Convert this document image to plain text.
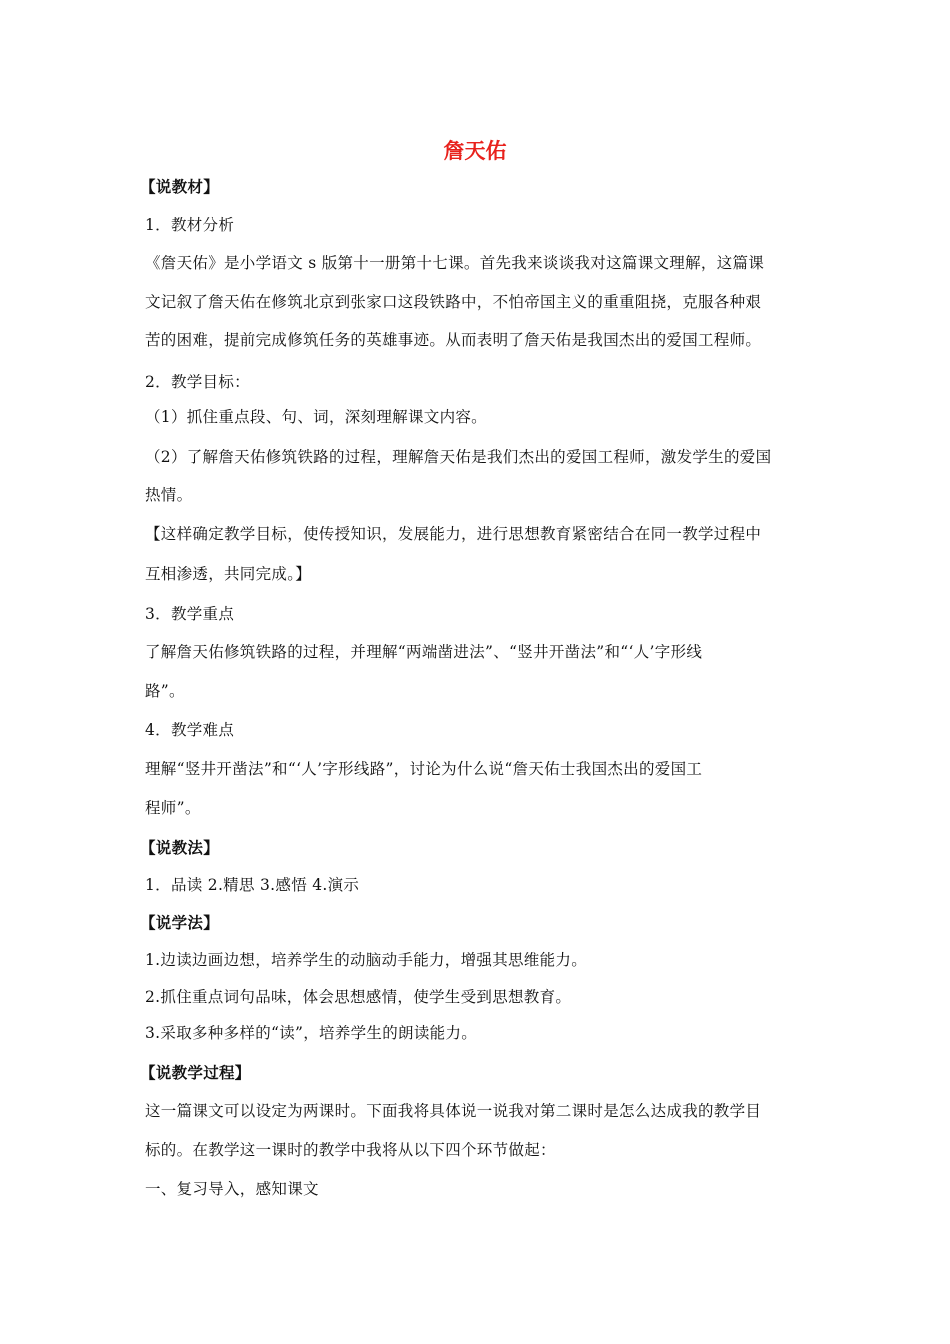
詹天佑
【说教材】
1．教材分析
《詹天佑》是小学语文 s 版第十一册第十七课。首先我来谈谈我对这篇课文理解，这篇课
文记叙了詹天佑在修筑北京到张家口这段铁路中，不怕帝国主义的重重阻挠，克服各种艰
苦的困难，提前完成修筑任务的英雄事迹。从而表明了詹天佑是我国杰出的爱国工程师。
2．教学目标：
（1）抓住重点段、句、词，深刻理解课文内容。
（2）了解詹天佑修筑铁路的过程，理解詹天佑是我们杰出的爱国工程师，激发学生的爱国
热情。
【这样确定教学目标，使传授知识，发展能力，进行思想教育紧密结合在同一教学过程中
互相渗透，共同完成。】
3．教学重点
了解詹天佑修筑铁路的过程，并理解“两端凿进法”、“竖井开凿法”和“‘人’字形线
路”。
4．教学难点
理解“竖井开凿法”和“‘人’字形线路”，讨论为什么说“詹天佑士我国杰出的爱国工
程师”。
【说教法】
1．品读 2.精思 3.感悟 4.演示
【说学法】
1.边读边画边想，培养学生的动脑动手能力，增强其思维能力。
2.抓住重点词句品味，体会思想感情，使学生受到思想教育。
3.采取多种多样的“读”，培养学生的朗读能力。
【说教学过程】
这一篇课文可以设定为两课时。下面我将具体说一说我对第二课时是怎么达成我的教学目
标的。在教学这一课时的教学中我将从以下四个环节做起：
一、复习导入，感知课文
